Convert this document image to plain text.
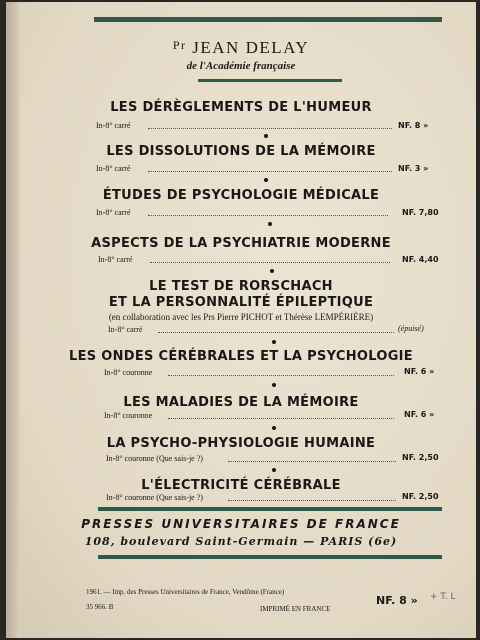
$^{Pr}$ JEAN DELAY
de l'Académie française
LES DÉRÈGLEMENTS DE L'HUMEUR
In-8° carré	NF. 8 »
LES DISSOLUTIONS DE LA MÉMOIRE
In-8° carré	NF. 3 »
ÉTUDES DE PSYCHOLOGIE MÉDICALE
In-8° carré	NF. 7,80
ASPECTS DE LA PSYCHIATRIE MODERNE
In-8° carré	NF. 4,40
LE TEST DE RORSCHACH
ET LA PERSONNALITÉ ÉPILEPTIQUE
(en collaboration avec les Prs Pierre PICHOT et Thérèse LEMPÉRIÈRE)
In-8° carré	(épuisé)
LES ONDES CÉRÉBRALES ET LA PSYCHOLOGIE
In-8° couronne	NF. 6 »
LES MALADIES DE LA MÉMOIRE
In-8° couronne	NF. 6 »
LA PSYCHO-PHYSIOLOGIE HUMAINE
In-8° couronne (Que sais-je ?)	NF. 2,50
L'ÉLECTRICITÉ CÉRÉBRALE
In-8° couronne (Que sais-je ?)	NF. 2,50
PRESSES UNIVERSITAIRES DE FRANCE
108, boulevard Saint-Germain — PARIS (6e)
1961. — Imp. des Presses Universitaires de France, Vendôme (France)
35 966. B	IMPRIMÉ EN FRANCE
NF. 8 » + T. L
